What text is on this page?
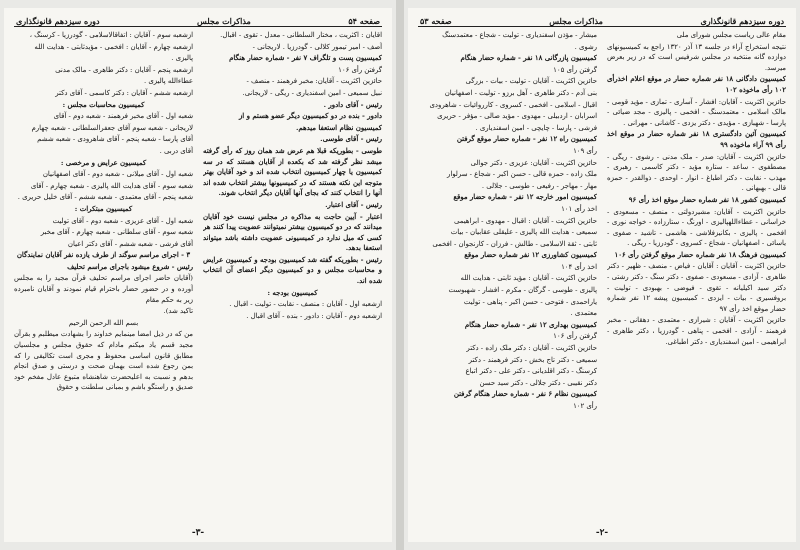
صفحه ۵۴
مذاکرات مجلس
دوره سیزدهم قانونگذاری

اقایان : اکثریت ، مختار السلطانی - معدل - تقوی - اقبال.

آصف - امیر تیمور کلالی - گودرزیا . لاریجانی -

کمیسیون پست و تلگراف ۷ نفر - شماره حضار هنگام

گرفتن رأی ۱۰۶

حائزین اکثریت - آقایان: مخبر فرهمند - منصف -

نبیل سمیعی - امین اسفندیاری - ریگی - لاریجانی.

رئیس - آقای دادور .

دادور - بنده در دو کمیسیون دیگر عضو هستم و از

کمیسیون نظام استعفا میدهم.

رئیس - آقای طوسی.

طوسی - بطوریکه قبلا هم عرض شد همان روز که رأی گرفته میشد نظر گرفته شد که بکعده از آقایان هستند که در سه کمیسیون یا چهار کمیسیون انتخاب شده اند و خود آقایان بهتر متوجه این نکته هستند که در کمیسیونها بیشتر انتخاب شده اند آنها را انتخاب کنند که بجای آنها آقایان دیگر انتخاب شوند.

رئیس - آقای اعتبار.

اعتبار - آیین حاجت به مذاکره در مجلس نیست خود آقایان میدانند که در دو کمیسیون بیشتر نمیتوانند عضویت پیدا کنند هر کسی که میل ندارد در کمیسیونی عضویت داشته باشد میتواند استعفا بدهد.

رئیس - بطوریکه گفته شد کمیسیون بودجه و کمیسیون عرایض و محاسبات مجلس و دو کمیسیون دیگر اعضای آن انتخاب شده اند.

کمیسیون بودجه :

ازشعبه اول - آقایان : منصف - نقابت - تولیت - اقبال .

ازشعبه دوم - آقایان : دادور - بنده - آقای اقبال .

ازشعبه سوم - آقایان : اتفاقالاسلامی - گودرزیا - کرسنگ ،

ازشعبه چهارم - آقایان : افخمی - مؤیدثابتی - هدایت الله

پالیزی .

ازشعبه پنجم - آقایان : دکتر طاهری - مالک مدنی

عطاءالله پالیزی .

ازشعبه ششم - آقایان : دکتر کاسمی - آقای دکتر

کمیسیون محاسبات مجلس :

شعبه اول - آقای مخبر فرهمند - شعبه دوم - آقای

لاریجانی - شعبه سوم آقای جعفرالسلطانی - شعبه چهارم

آقای پارسا - شعبه پنجم - آقای شاهرودی - شعبه ششم

آقای دربی .

کمیسیون عرایض و مرخصی :

شعبه اول - آقای میلانی - شعبه دوم - آقای اصفهانیان

شعبه سوم - آقای هدایت الله پالیزی - شعبه چهارم - آقای

شعبه پنجم - آقای معتمدی - شعبه ششم - آقای خلیل حریری .

کمیسیون مبتکرات :

شعبه اول - آقای عزیزی - شعبه دوم - آقای تولیت

شعبه سوم - آقای سلطانی - شعبه چهارم - آقای مخبر

آقای فرشی - شعبه ششم - آقای دکتر اعیان

۳ - اجرای مراسم سوگند از طرف یازده نفر آقایان نمایندگان

رئیس - شروع میشود باجرای مراسم تحلیف

(آقایان حاضر اجرای مراسم تحلیف قرآن مجید را به مجلس آورده و در حضور حضار باحترام قیام نمودند و آقایان نامبرده زیر به حکم مقام

تاکید شد).

بسم الله الرحمن الرحیم

من که در ذیل امضا مینمایم خداوند را بشهادت میطلبم و بقرآن مجید قسم یاد میکنم مادام که حقوق مجلس و مجلسیان مطابق قانون اساسی محفوظ و مجری است تکالیفی را که بمن رجوع شده است بهمان صحت و درستی و صدق انجام بدهم و نسبت به اعلیحضرت شاهنشاه متبوع عادل مفخم خود صدیق و راستگو باشم و بمبانی سلطنت و حقوق

-۳-
دوره سیزدهم قانونگذاری
مذاکرات مجلس
صفحه ۵۳

مقام عالی ریاست مجلس شورای ملی

نتیجه استخراج آراء در جلسه ۱۳ آذر ۱۳۲۰ راجع به کمیسیونهای دوازده گانه منتخبه در مجلس شرفیس است که در زیر بعرض میرسد.

کمیسیون دادگانی ۱۸ نفر شماره حضار در موقع اعلام اخذرأی ۱۰۲ رأی ماخوذه ۱۰۲

حائزین اکثریت - آقایان: افشار - آساری - تمازی - مؤید قومی - مالک اسلامی - معتمدسنگ - افخمی - پالیزی - مجد ضیائی - پارسا - شهبازی - مؤیدی - دکتر یزدی - کاشانی - مهرانی .

کمیسیون آئین دادگستری ۱۸ نفر شماره حضار در موقع اخذ رأی ۹۹ آراء ماخوذه ۹۹

حائزین اکثریت - آقایان: صدر - ملک مدنی - رشوی - ریگی - مصطفوی - ساعد - ستاره مؤید - دکتر کاسمی - رهبری - مهذب - نقابت - دکتر اطباغ - انوار - اوحدی - ذوالقدر - حمزه قالی - بهبهانی .

کمیسیون کشور ۱۸ نفر شماره حضار موقع اخذ رأی ۹۶

حائزین اکثریت - آقایان: مشیردولتی - منصف - مسعودی - خراسانی - عطاءاللهپالیزی - اورنگ - ستارزاده - خواجه نوری - افخمی - پالیزی - بکانیزفلاشی - هاشمی - تاشید - صفوی - یاسائی - اصفهانیان - شجاع - کسروی - گودرزیا - ریگی .

کمیسیون فرهنگ ۱۸ نفر شماره حضار موقع گرفتن رأی ۱۰۶

حائزین اکثریت - آقایان : آقایان - فیاض - منصف - ظهیر - دکتر طاهری - آزادی - مسعودی - صفوی - دکتر سنگ - دکتر رشتی - دکتر سید اکیلیانه - تقوی - فیوضی - بهبودی - تولیت - بروفسیری - بیات - ایزدی - کمیسیون پیشه ۱۲ نفر شماره حضار موقع اخذ رأی ۹۷

حائزین اکثریت - آقایان : شیرازی - معتمدی - دهقانی - مخبر فرهمند - آزادی - افخمی - پناهی - گودرزیا ، دکتر طاهری - ابراهیمی - امین اسفندیاری - دکتر اطباغی.

میشار - مؤذن اسفندیاری - تولیت - شجاع - معتمدسنگ

رشوی .

کمیسیون پازرگانی ۱۸ نفر - شماره حضار هنگام

گرفتن رأی ۱۰۵

حائزین اکثریت - آقایان - تولیت - بیات - بزرگی

بنی آدم - دکتر طاهری - آهل برزو - تولیت - اصفهانیان

اقبال - اسلامی - افخمی - کسروی - کارروائیات - شاهرودی

اسرابان - اردبیلی - مهدوی - مؤید صالی - مؤفر - حریری

فرشی - پارسا - چایچی - امین اسفندیاری .

کمیسیون راه ۱۲ نفر - شماره حضار موقع گرفتن

رأی ۱۰۹

حائزین اکثریت - آقایان: عزیزی - دکتر جوالی

ملک زاده - حمزه قالی - حسن اکبر - شجاع - سرلوار

مهار - مهاجر - رفیعی - طوسی - جلالی .

کمیسیون امور خارجه ۱۲ نفر - شماره حضار موقع

اخذ رأی ۱۰۱

حائزین اکثریت - آقایان : اقبال - مهدوی - ابراهیمی

سمیعی - هدایت الله پالیزی - علیقلی عقابیان - بیات

ثابتی - ثقة الاسلامی - طالش - فرزان - کارنجوان - افخمی

کمیسیون کشاورزی ۱۲ نفر شماره حضار موقع

اخذ رأی ۱۰۴

حائزین اکثریت - آقایان : مؤید ثابتی - هدایت الله

پالیزی - طوسی - گرگان - مکرم - افشار - شهبوست

یاراحمدی - فتوحی - حسن اکبر - پناهی - تولیت

معتمدی .

کمیسیون بهداری ۱۲ نفر - شماره حضار هنگام

گرفتن رأی ۱۰۶

حائزین اکثریت - آقایان : دکتر ملک زاده - دکتر

سمیعی - دکتر تاج بخش - دکتر فرهمند - دکتر

کرسنگ - دکتر اقلدیانی - دکتر علی - دکتر اتباع

دکتر نقیبی - دکتر جلالی - دکتر سید حسن

کمیسیون نظام ۶ نفر - شماره حضار هنگام گرفتن

رأی ۱۰۲

-۲-
